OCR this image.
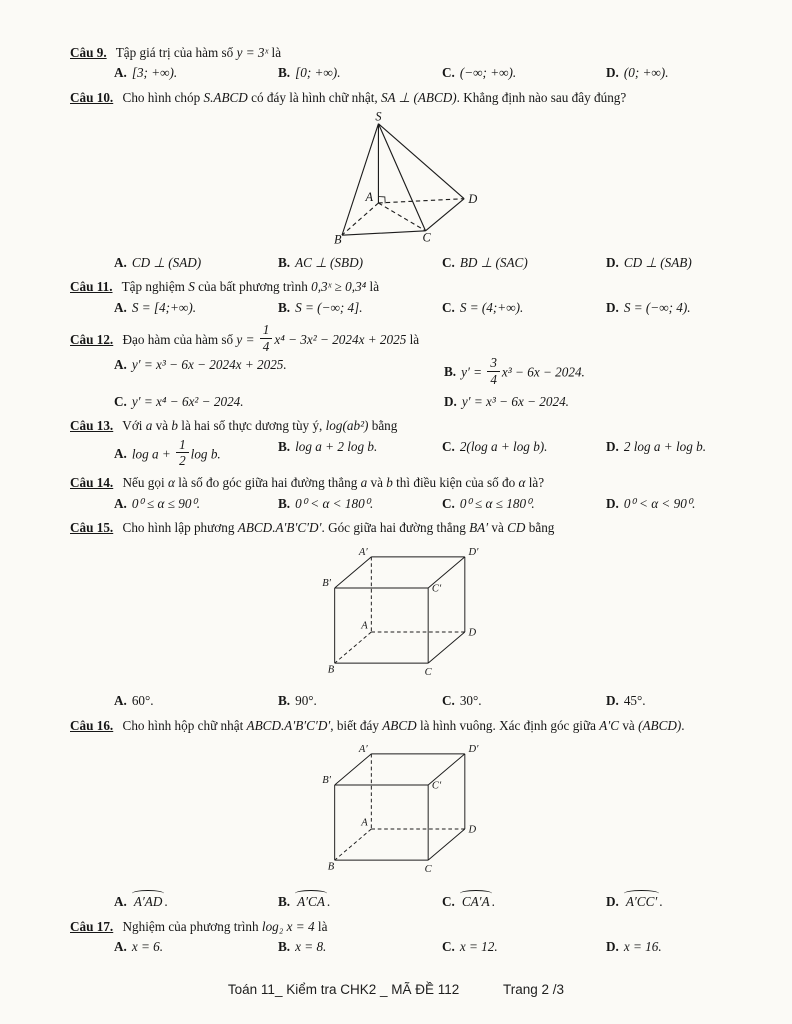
Câu 9. Tập giá trị của hàm số y = 3ˣ là
A. [3; +∞).	B. [0; +∞).	C. (−∞; +∞).	D. (0; +∞).
Câu 10. Cho hình chóp S.ABCD có đáy là hình chữ nhật, SA ⊥ (ABCD). Khẳng định nào sau đây đúng?
S
A
B	C
D
A. CD ⊥ (SAD)	B. AC ⊥ (SBD)	C. BD ⊥ (SAC)	D. CD ⊥ (SAB)
Câu 11. Tập nghiệm S của bất phương trình 0,3ˣ ≥ 0,3⁴ là
A. S = [4;+∞).	B. S = (−∞; 4].	C. S = (4;+∞).	D. S = (−∞; 4).
Câu 12. Đạo hàm của hàm số $y = \frac{1}{4} x^4 - 3x^2 - 2024x + 2025$ là
A. y′ = x³ − 6x − 2024x + 2025.
B. $y' = \frac{3}{4} x^3 - 6x - 2024$.
C. y′ = x⁴ − 6x² − 2024.	D. y′ = x³ − 6x − 2024.
Câu 13. Với a và b là hai số thực dương tùy ý, log(ab²) bằng
A. $\log a + \frac{1}{2}$ log b.
B. log a + 2 log b.	C. 2(log a + log b).	D. 2 log a + log b.
Câu 14. Nếu gọi α là số đo góc giữa hai đường thẳng a và b thì điều kiện của số đo α là?
A. 0⁰ ≤ α ≤ 90⁰.	B. 0⁰ < α < 180⁰.	C. 0⁰ ≤ α ≤ 180⁰.	D. 0⁰ < α < 90⁰.
Câu 15. Cho hình lập phương ABCD.A′B′C′D′. Góc giữa hai đường thẳng BA′ và CD bằng
A′	D′
B′	C′
A
D
B	C
A. 60°.	B. 90°.	C. 30°.	D. 45°.
Câu 16. Cho hình hộp chữ nhật ABCD.A′B′C′D′, biết đáy ABCD là hình vuông. Xác định góc giữa A′C và (ABCD).
A′	D′
B′	C′
A
D
B	C
A. A′AD .	B. A′CA .	C. CA′A .	D. A′CC′ .
Câu 17. Nghiệm của phương trình log₂ x = 4 là
A. x = 6.	B. x = 8.	C. x = 12.	D. x = 16.
Toán 11_ Kiểm tra CHK2 _ MÃ ĐỀ 112	Trang 2 /3
